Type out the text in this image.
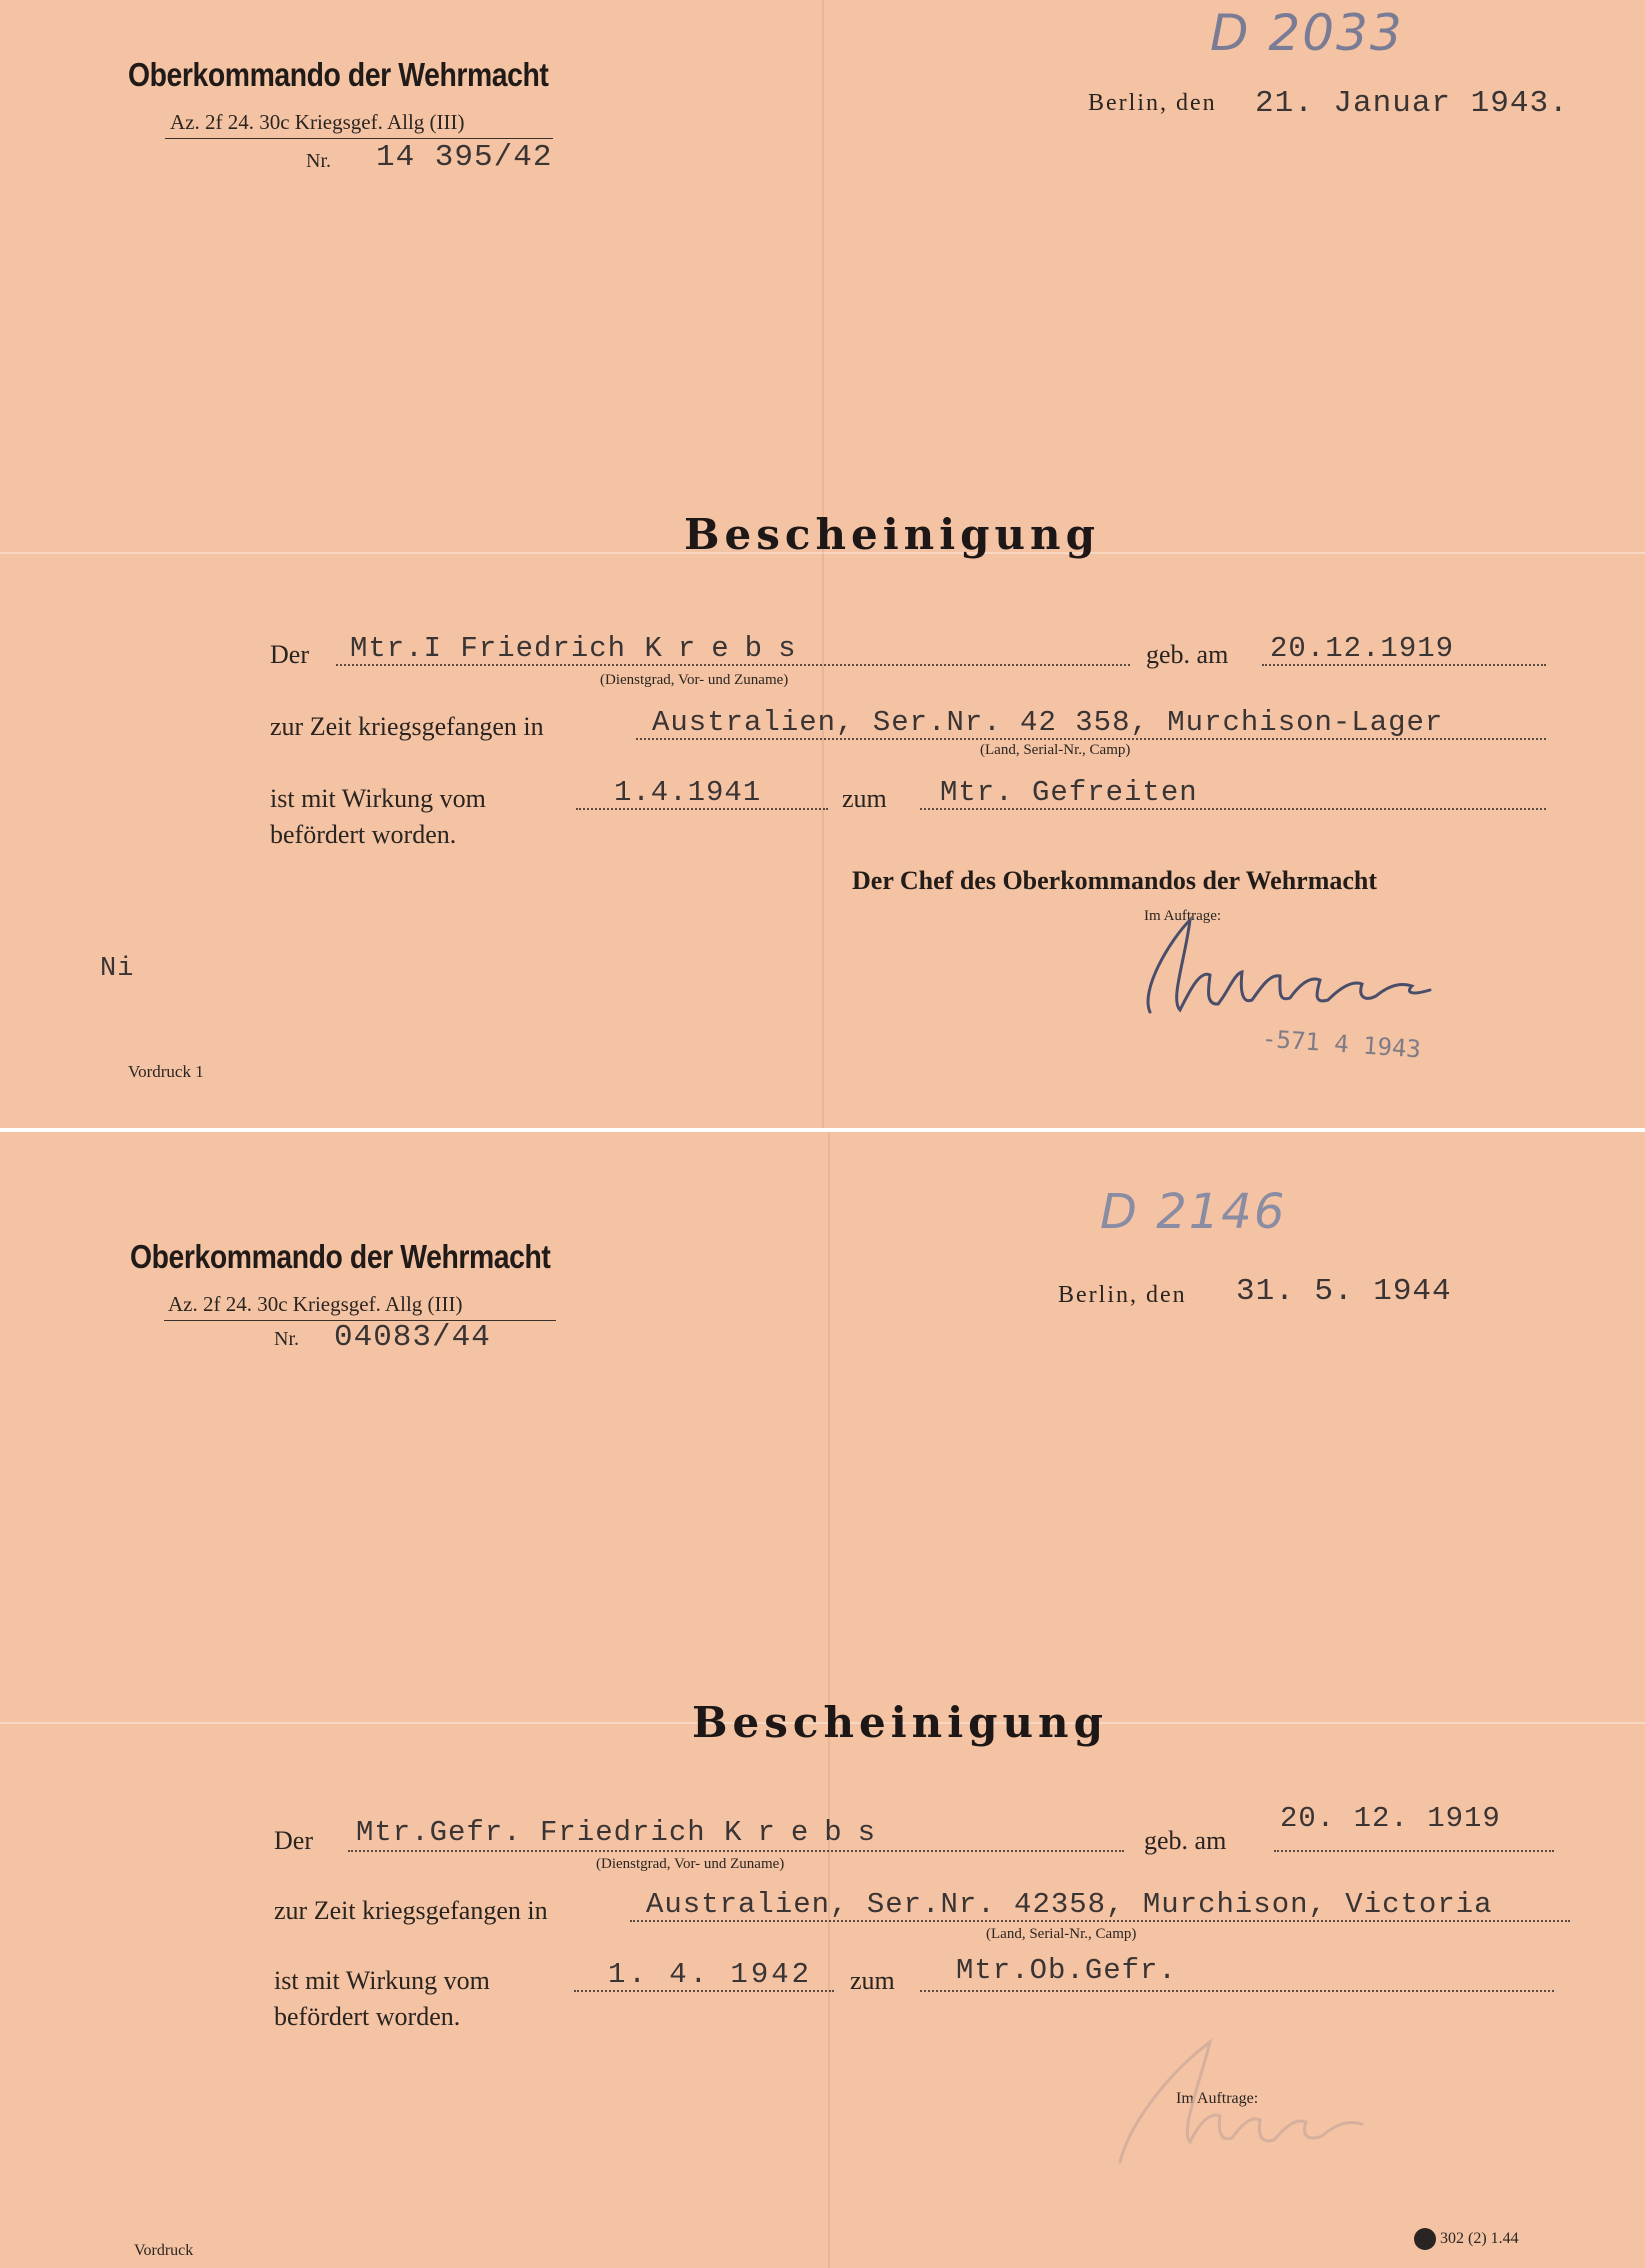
D 2033
Oberkommando der Wehrmacht
Az. 2f 24. 30c Kriegsgef. Allg (III)
Nr. 14 395/42
Berlin, den 21. Januar 1943.
Bescheinigung
Der Mtr.I Friedrich Krebs
(Dienstgrad, Vor- und Zuname)
geb. am 20.12.1919
zur Zeit kriegsgefangen in	Australien, Ser.Nr. 42 358, Murchison-Lager
(Land, Serial-Nr., Camp)
ist mit Wirkung vom	1.4.1941	zum Mtr. Gefreiten
befördert worden.
Der Chef des Oberkommandos der Wehrmacht
Im Auftrage:
-571 4 1943
Ni
Vordruck 1
D 2146
Oberkommando der Wehrmacht
Az. 2f 24. 30c Kriegsgef. Allg (III)
Nr. 04083/44
Berlin, den 31. 5. 1944
Bescheinigung
Der Mtr.Gefr. Friedrich Krebs
(Dienstgrad, Vor- und Zuname)
geb. am
20. 12. 1919
zur Zeit kriegsgefangen in	Australien, Ser.Nr. 42358, Murchison, Victoria
(Land, Serial-Nr., Camp)
ist mit Wirkung vom	1. 4. 1942 zum Mtr.Ob.Gefr.
befördert worden.
Im Auftrage:
Vordruck
302 (2) 1.44
